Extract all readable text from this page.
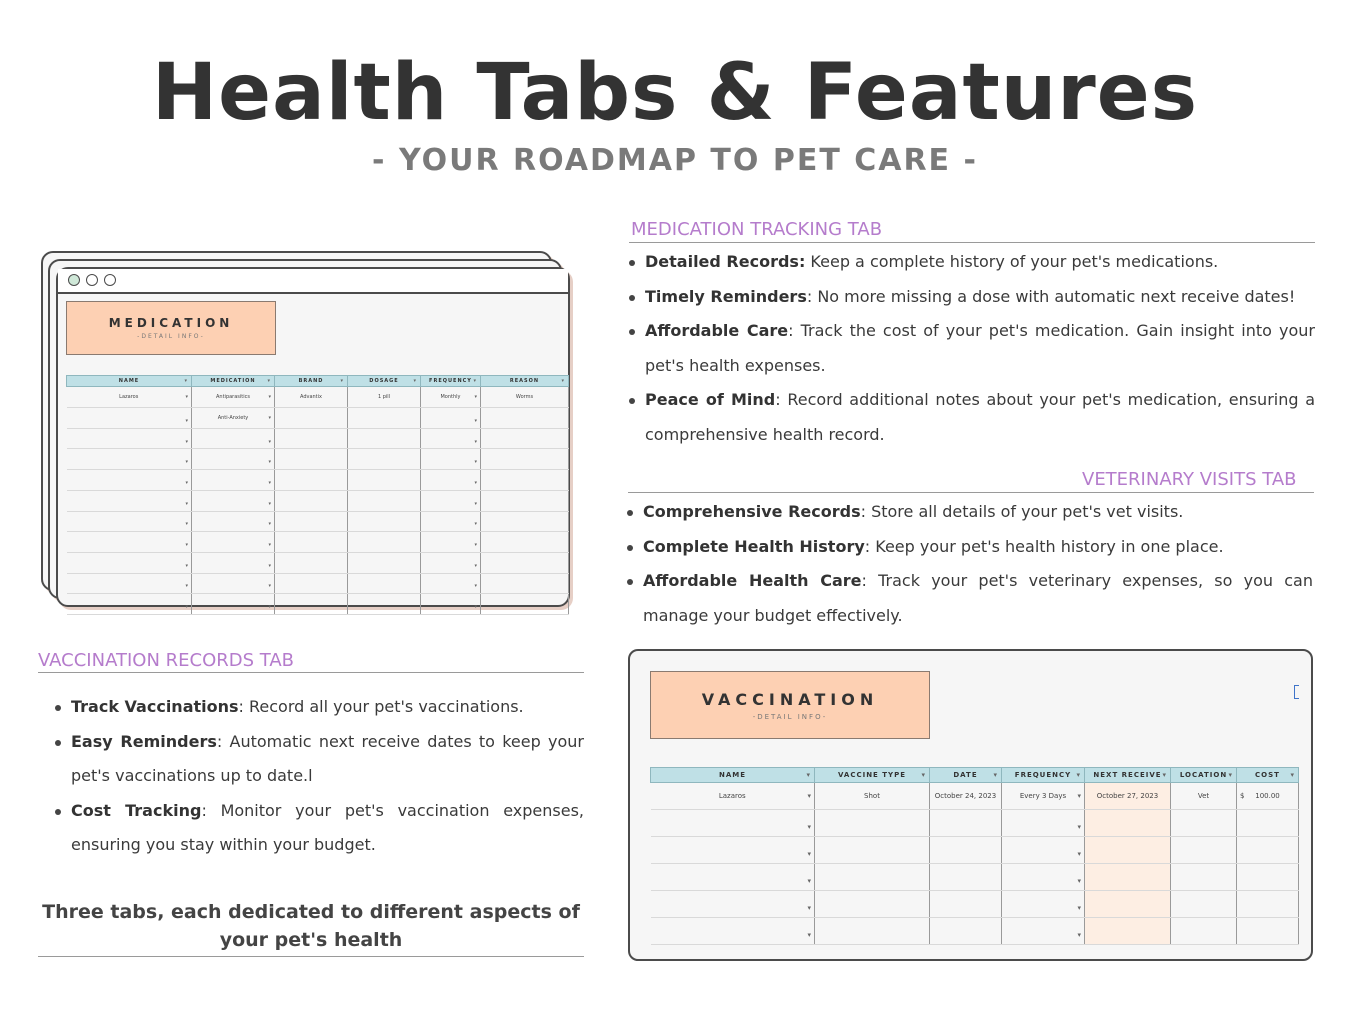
Health Tabs & Features
- YOUR ROADMAP TO PET CARE -
MEDICATION
-DETAIL INFO-
NAME ▾	MEDICATION ▾	BRAND ▾	DOSAGE ▾	FREQUENCY ▾	REASON ▾

Lazaros ▾	Antiparasitics ▾	Advantix	1 pill	Monthly ▾	Worms

▾	Anti-Anxiety ▾			▾	

▾	▾			▾	

▾	▾			▾	

▾	▾			▾	

▾	▾			▾	

▾	▾			▾	

▾	▾			▾	

▾	▾			▾	

▾	▾			▾	

▾	▾			▾	

MEDICATION TRACKING TAB
Detailed Records: Keep a complete history of your pet's medications.
Timely Reminders: No more missing a dose with automatic next receive dates!
Affordable Care: Track the cost of your pet's medication. Gain insight into your pet's health expenses.
Peace of Mind: Record additional notes about your pet's medication, ensuring a comprehensive health record.
VETERINARY VISITS TAB
Comprehensive Records: Store all details of your pet's vet visits.
Complete Health History: Keep your pet's health history in one place.
Affordable Health Care: Track your pet's veterinary expenses, so you can manage your budget effectively.
VACCINATION RECORDS TAB
Track Vaccinations: Record all your pet's vaccinations.
Easy Reminders: Automatic next receive dates to keep your pet's vaccinations up to date.l
Cost Tracking: Monitor your pet's vaccination expenses, ensuring you stay within your budget.
Three tabs, each dedicated to different aspects of
your pet's health
VACCINATION
-DETAIL INFO-
NAME ▾	VACCINE TYPE ▾	DATE ▾	FREQUENCY ▾	NEXT RECEIVE ▾	LOCATION ▾	COST ▾

Lazaros ▾	Shot	October 24, 2023	Every 3 Days ▾	October 27, 2023	Vet	$ 100.00

▾			▾			

▾			▾			

▾			▾			

▾			▾			

▾			▾			
